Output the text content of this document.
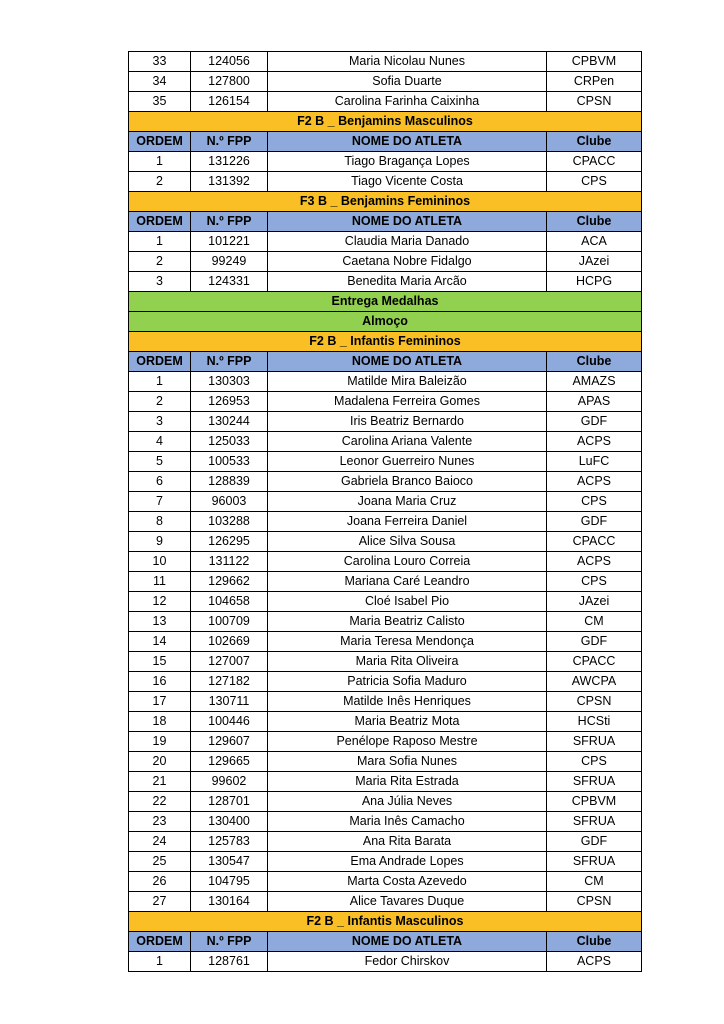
33	124056	Maria Nicolau Nunes	CPBVM
34	127800	Sofia Duarte	CRPen
35	126154	Carolina Farinha Caixinha	CPSN
F2 B _ Benjamins Masculinos			
ORDEM	N.º FPP	NOME DO ATLETA	Clube
1	131226	Tiago Bragança Lopes	CPACC
2	131392	Tiago Vicente Costa	CPS
F3 B _ Benjamins Femininos			
ORDEM	N.º FPP	NOME DO ATLETA	Clube
1	101221	Claudia Maria Danado	ACA
2	99249	Caetana Nobre Fidalgo	JAzei
3	124331	Benedita Maria Arcão	HCPG
Entrega Medalhas			
Almoço			
F2 B _ Infantis Femininos			
ORDEM	N.º FPP	NOME DO ATLETA	Clube
1	130303	Matilde Mira Baleizão	AMAZS
2	126953	Madalena Ferreira Gomes	APAS
3	130244	Iris Beatriz Bernardo	GDF
4	125033	Carolina Ariana Valente	ACPS
5	100533	Leonor Guerreiro Nunes	LuFC
6	128839	Gabriela Branco Baioco	ACPS
7	96003	Joana Maria Cruz	CPS
8	103288	Joana Ferreira Daniel	GDF
9	126295	Alice Silva Sousa	CPACC
10	131122	Carolina Louro Correia	ACPS
11	129662	Mariana Caré Leandro	CPS
12	104658	Cloé Isabel Pio	JAzei
13	100709	Maria Beatriz Calisto	CM
14	102669	Maria Teresa Mendonça	GDF
15	127007	Maria Rita Oliveira	CPACC
16	127182	Patricia Sofia Maduro	AWCPA
17	130711	Matilde Inês Henriques	CPSN
18	100446	Maria Beatriz Mota	HCSti
19	129607	Penélope Raposo Mestre	SFRUA
20	129665	Mara Sofia Nunes	CPS
21	99602	Maria Rita Estrada	SFRUA
22	128701	Ana Júlia Neves	CPBVM
23	130400	Maria Inês Camacho	SFRUA
24	125783	Ana Rita Barata	GDF
25	130547	Ema Andrade Lopes	SFRUA
26	104795	Marta Costa Azevedo	CM
27	130164	Alice Tavares Duque	CPSN
F2 B _ Infantis Masculinos			
ORDEM	N.º FPP	NOME DO ATLETA	Clube
1	128761	Fedor Chirskov	ACPS
